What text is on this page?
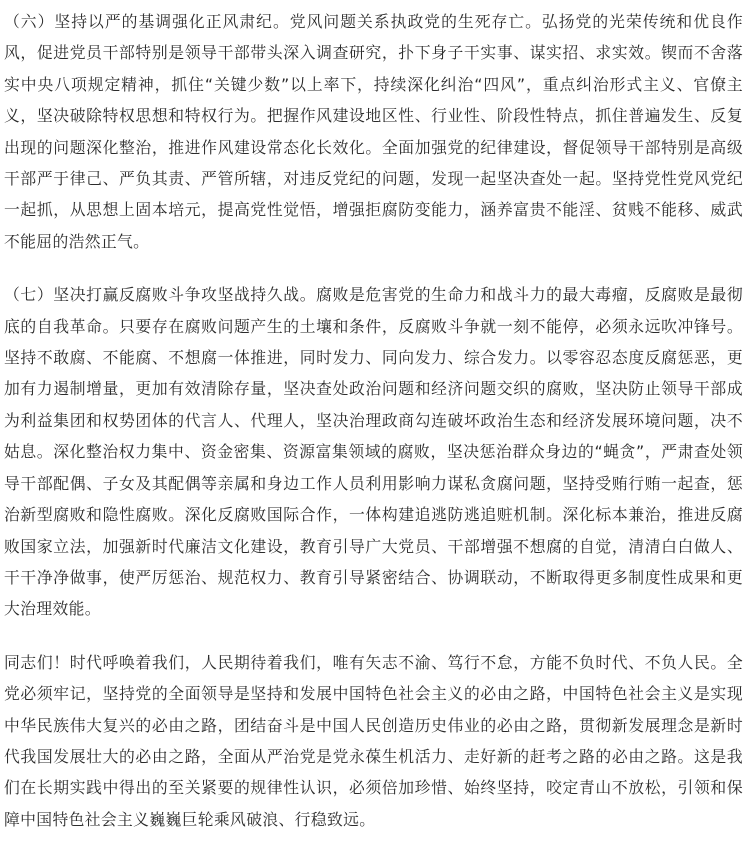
（六）坚持以严的基调强化正风肃纪。党风问题关系执政党的生死存亡。弘扬党的光荣传统和优良作风，促进党员干部特别是领导干部带头深入调查研究，扑下身子干实事、谋实招、求实效。锲而不舍落实中央八项规定精神，抓住“关键少数”以上率下，持续深化纠治“四风”，重点纠治形式主义、官僚主义，坚决破除特权思想和特权行为。把握作风建设地区性、行业性、阶段性特点，抓住普遍发生、反复出现的问题深化整治，推进作风建设常态化长效化。全面加强党的纪律建设，督促领导干部特别是高级干部严于律己、严负其责、严管所辖，对违反党纪的问题，发现一起坚决查处一起。坚持党性党风党纪一起抓，从思想上固本培元，提高党性觉悟，增强拒腐防变能力，涵养富贵不能淫、贫贱不能移、威武不能屈的浩然正气。

（七）坚决打赢反腐败斗争攻坚战持久战。腐败是危害党的生命力和战斗力的最大毒瘤，反腐败是最彻底的自我革命。只要存在腐败问题产生的土壤和条件，反腐败斗争就一刻不能停，必须永远吹冲锋号。坚持不敢腐、不能腐、不想腐一体推进，同时发力、同向发力、综合发力。以零容忍态度反腐惩恶，更加有力遏制增量，更加有效清除存量，坚决查处政治问题和经济问题交织的腐败，坚决防止领导干部成为利益集团和权势团体的代言人、代理人，坚决治理政商勾连破坏政治生态和经济发展环境问题，决不姑息。深化整治权力集中、资金密集、资源富集领域的腐败，坚决惩治群众身边的“蝇贪”，严肃查处领导干部配偶、子女及其配偶等亲属和身边工作人员利用影响力谋私贪腐问题，坚持受贿行贿一起查，惩治新型腐败和隐性腐败。深化反腐败国际合作，一体构建追逃防逃追赃机制。深化标本兼治，推进反腐败国家立法，加强新时代廉洁文化建设，教育引导广大党员、干部增强不想腐的自觉，清清白白做人、干干净净做事，使严厉惩治、规范权力、教育引导紧密结合、协调联动，不断取得更多制度性成果和更大治理效能。

同志们！时代呼唤着我们，人民期待着我们，唯有矢志不渝、笃行不怠，方能不负时代、不负人民。全党必须牢记，坚持党的全面领导是坚持和发展中国特色社会主义的必由之路，中国特色社会主义是实现中华民族伟大复兴的必由之路，团结奋斗是中国人民创造历史伟业的必由之路，贯彻新发展理念是新时代我国发展壮大的必由之路，全面从严治党是党永葆生机活力、走好新的赶考之路的必由之路。这是我们在长期实践中得出的至关紧要的规律性认识，必须倍加珍惜、始终坚持，咬定青山不放松，引领和保障中国特色社会主义巍巍巨轮乘风破浪、行稳致远。
